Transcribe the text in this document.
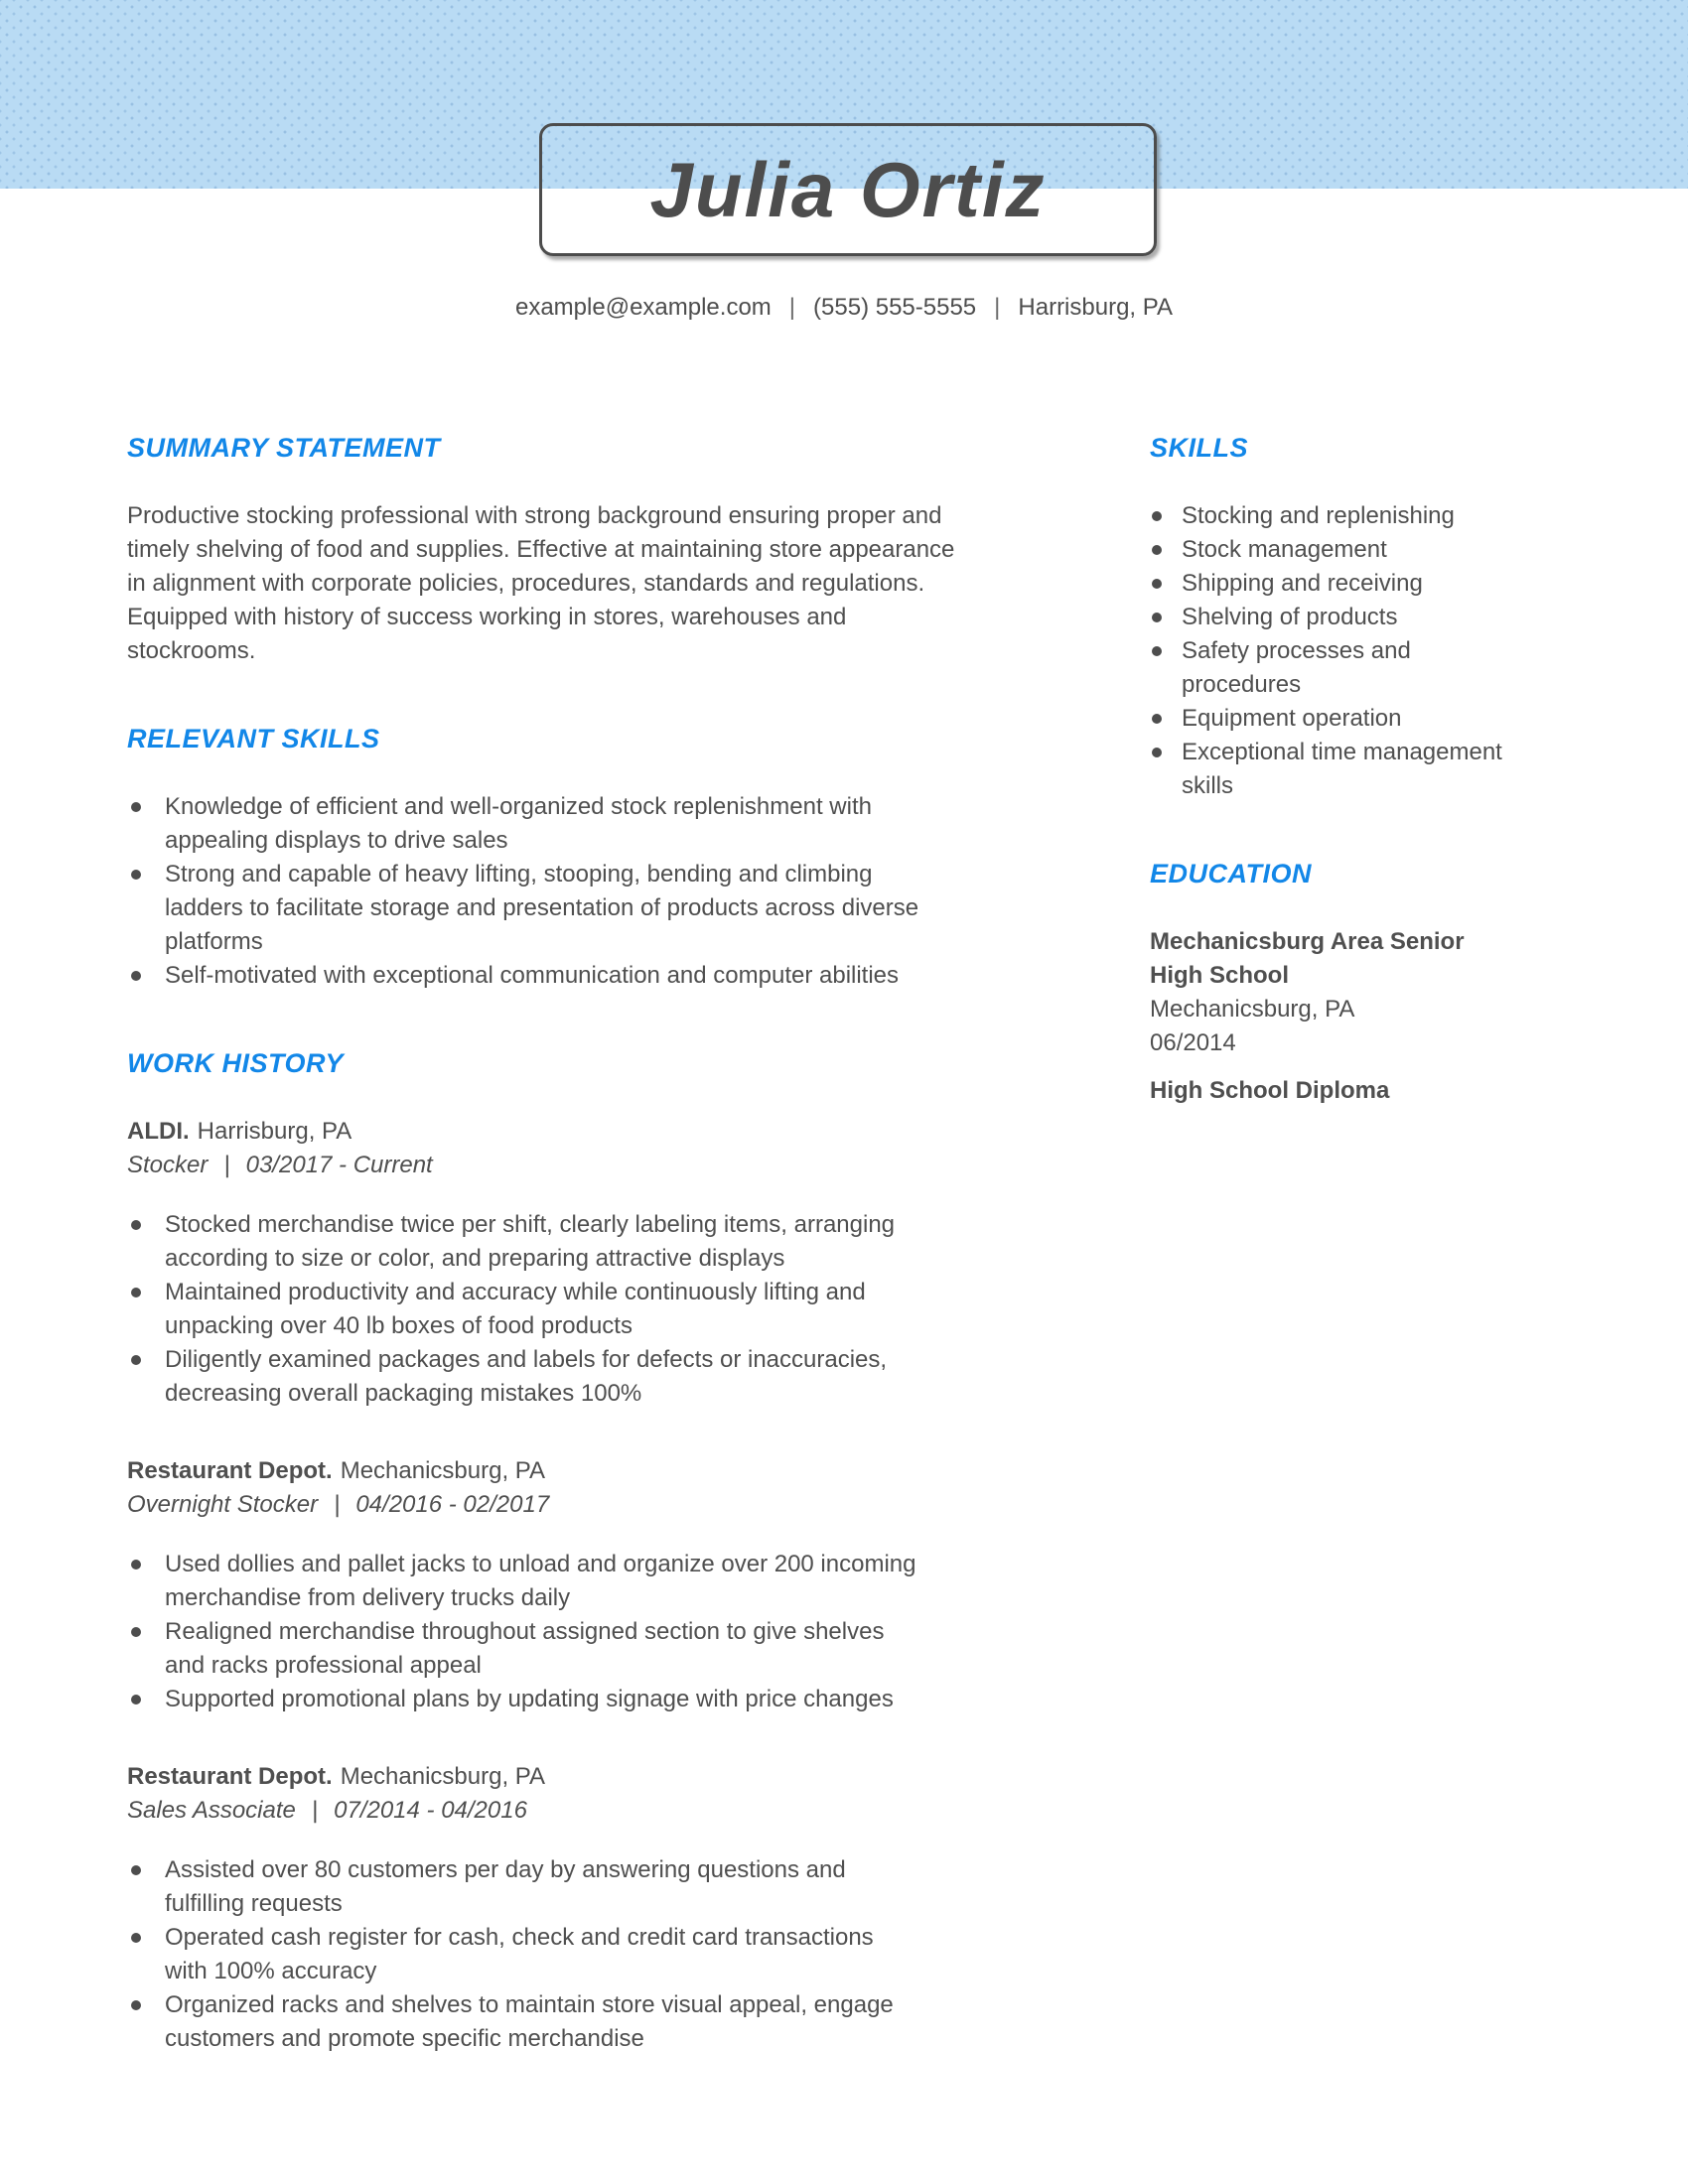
Julia Ortiz
example@example.com | (555) 555-5555 | Harrisburg, PA
SUMMARY STATEMENT

Productive stocking professional with strong background ensuring proper and timely shelving of food and supplies. Effective at maintaining store appearance in alignment with corporate policies, procedures, standards and regulations. Equipped with history of success working in stores, warehouses and stockrooms.

RELEVANT SKILLS
Knowledge of efficient and well-organized stock replenishment with appealing displays to drive sales
Strong and capable of heavy lifting, stooping, bending and climbing ladders to facilitate storage and presentation of products across diverse platforms
Self-motivated with exceptional communication and computer abilities
WORK HISTORY
ALDI. Harrisburg, PA
Stocker | 03/2017 - Current
Stocked merchandise twice per shift, clearly labeling items, arranging according to size or color, and preparing attractive displays
Maintained productivity and accuracy while continuously lifting and unpacking over 40 lb boxes of food products
Diligently examined packages and labels for defects or inaccuracies, decreasing overall packaging mistakes 100%
Restaurant Depot. Mechanicsburg, PA
Overnight Stocker | 04/2016 - 02/2017
Used dollies and pallet jacks to unload and organize over 200 incoming merchandise from delivery trucks daily
Realigned merchandise throughout assigned section to give shelves and racks professional appeal
Supported promotional plans by updating signage with price changes
Restaurant Depot. Mechanicsburg, PA
Sales Associate | 07/2014 - 04/2016
Assisted over 80 customers per day by answering questions and fulfilling requests
Operated cash register for cash, check and credit card transactions with 100% accuracy
Organized racks and shelves to maintain store visual appeal, engage customers and promote specific merchandise
SKILLS
Stocking and replenishing
Stock management
Shipping and receiving
Shelving of products
Safety processes and procedures
Equipment operation
Exceptional time management skills
EDUCATION
Mechanicsburg Area Senior High School
Mechanicsburg, PA
06/2014
High School Diploma
